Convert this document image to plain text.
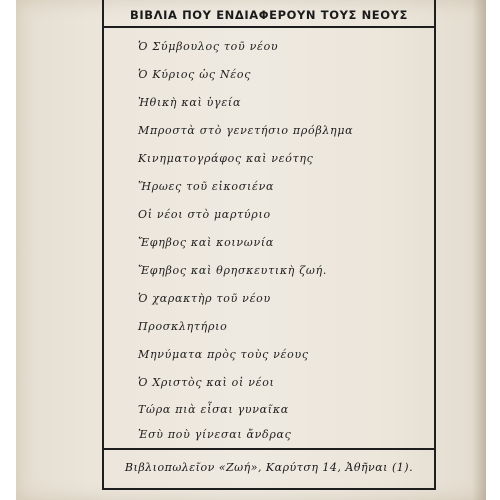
ΒΙΒΛΙΑ ΠΟΥ ΕΝΔΙΑΦΕΡΟΥΝ ΤΟΥΣ ΝΕΟΥΣ
Ὁ Σύμβουλος τοῦ νέου
Ὁ Κύριος ὡς Νέος
Ἠθικὴ καὶ ὑγεία
Μπροστὰ στὸ γενετήσιο πρόβλημα
Κινηματογράφος καὶ νεότης
Ἥρωες τοῦ εἰκοσιένα
Οἱ νέοι στὸ μαρτύριο
Ἔφηβος καὶ κοινωνία
Ἔφηβος καὶ θρησκευτικὴ ζωή.
Ὁ χαρακτὴρ τοῦ νέου
Προσκλητήριο
Μηνύματα πρὸς τοὺς νέους
Ὁ Χριστὸς καὶ οἱ νέοι
Τώρα πιὰ εἶσαι γυναῖκα
Ἐσὺ ποὺ γίνεσαι ἄνδρας
Βιβλιοπωλεῖον «Ζωή», Καρύτση 14, Ἀθῆναι (1).
